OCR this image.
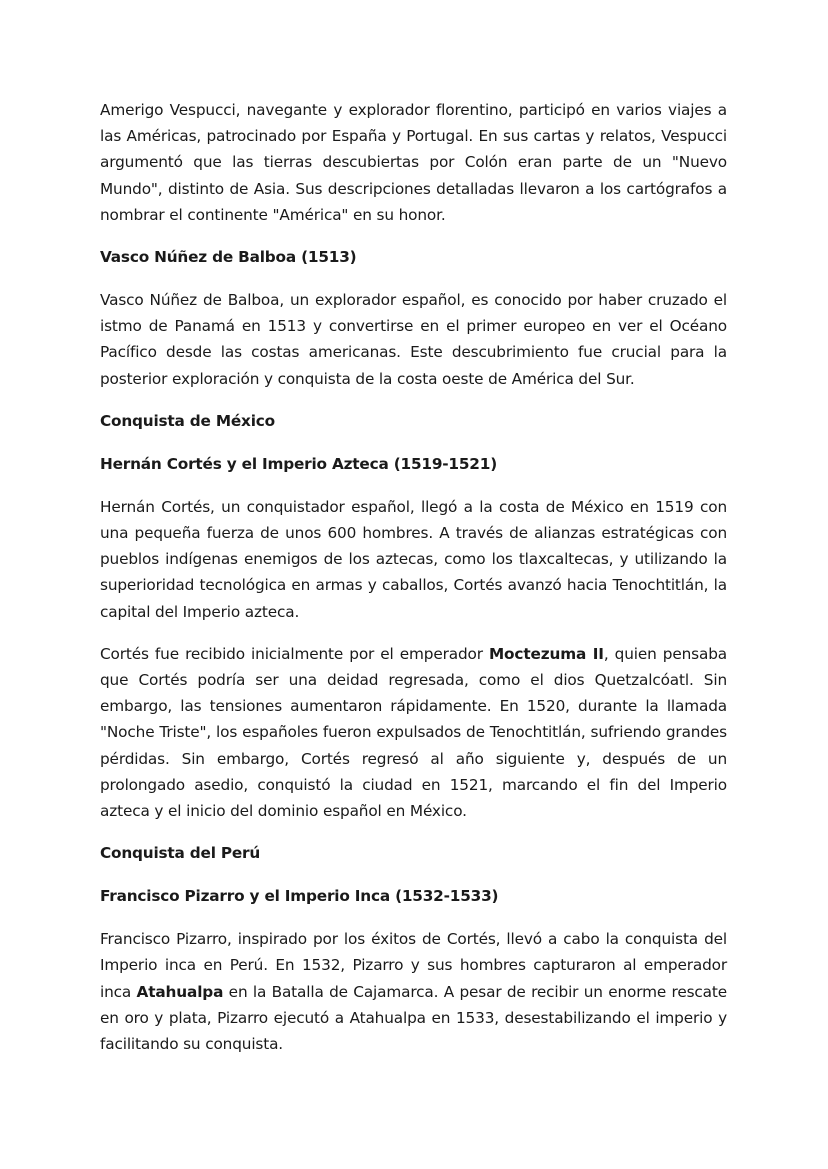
Amerigo Vespucci, navegante y explorador florentino, participó en varios viajes a las Américas, patrocinado por España y Portugal. En sus cartas y relatos, Vespucci argumentó que las tierras descubiertas por Colón eran parte de un "Nuevo Mundo", distinto de Asia. Sus descripciones detalladas llevaron a los cartógrafos a nombrar el continente "América" en su honor.

Vasco Núñez de Balboa (1513)

Vasco Núñez de Balboa, un explorador español, es conocido por haber cruzado el istmo de Panamá en 1513 y convertirse en el primer europeo en ver el Océano Pacífico desde las costas americanas. Este descubrimiento fue crucial para la posterior exploración y conquista de la costa oeste de América del Sur.

Conquista de México
Hernán Cortés y el Imperio Azteca (1519-1521)

Hernán Cortés, un conquistador español, llegó a la costa de México en 1519 con una pequeña fuerza de unos 600 hombres. A través de alianzas estratégicas con pueblos indígenas enemigos de los aztecas, como los tlaxcaltecas, y utilizando la superioridad tecnológica en armas y caballos, Cortés avanzó hacia Tenochtitlán, la capital del Imperio azteca.

Cortés fue recibido inicialmente por el emperador Moctezuma II, quien pensaba que Cortés podría ser una deidad regresada, como el dios Quetzalcóatl. Sin embargo, las tensiones aumentaron rápidamente. En 1520, durante la llamada "Noche Triste", los españoles fueron expulsados de Tenochtitlán, sufriendo grandes pérdidas. Sin embargo, Cortés regresó al año siguiente y, después de un prolongado asedio, conquistó la ciudad en 1521, marcando el fin del Imperio azteca y el inicio del dominio español en México.

Conquista del Perú
Francisco Pizarro y el Imperio Inca (1532-1533)

Francisco Pizarro, inspirado por los éxitos de Cortés, llevó a cabo la conquista del Imperio inca en Perú. En 1532, Pizarro y sus hombres capturaron al emperador inca Atahualpa en la Batalla de Cajamarca. A pesar de recibir un enorme rescate en oro y plata, Pizarro ejecutó a Atahualpa en 1533, desestabilizando el imperio y facilitando su conquista.
